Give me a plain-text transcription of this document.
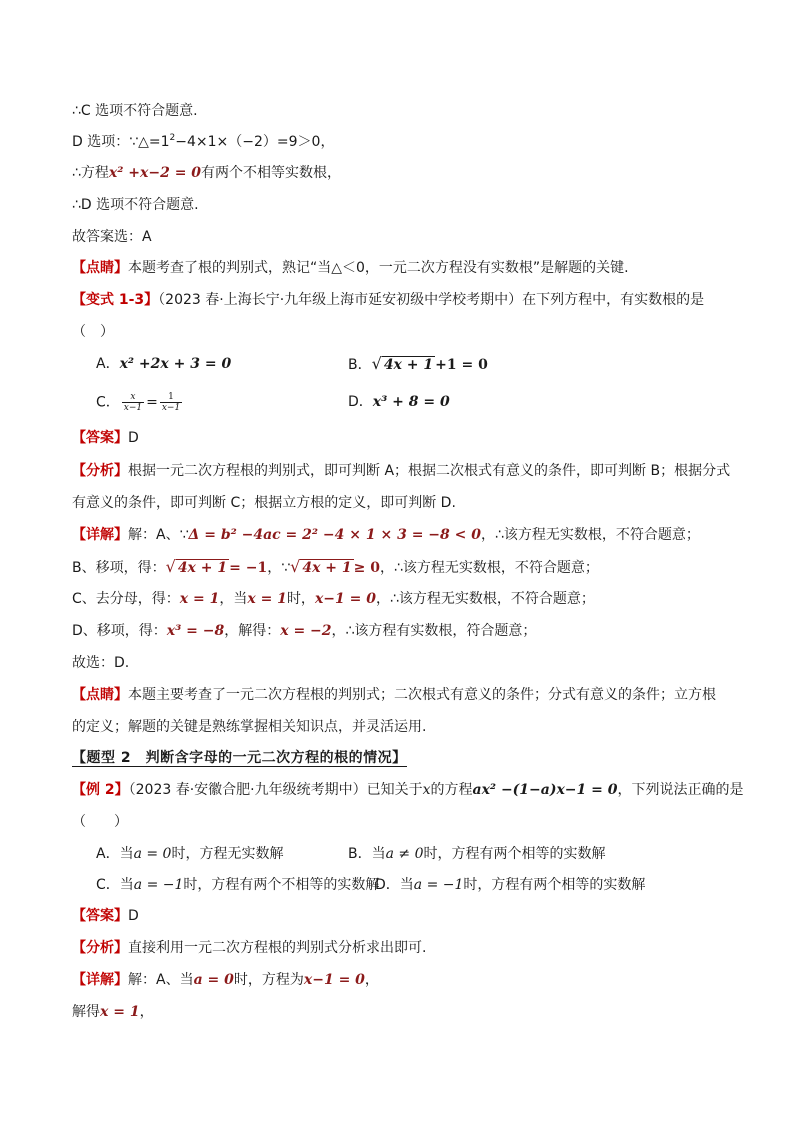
∴C 选项不符合题意.
D 选项：$\because\triangle=1^2-4\times 1\times(-2)=9>0$，
∴方程x² +x−2 = 0有两个不相等实数根，
∴D 选项不符合题意.
故答案选：A
【点睛】本题考查了根的判别式，熟记“当△＜0，一元二次方程没有实数根”是解题的关键.
【变式 1-3】（2023 春·上海长宁·九年级上海市延安初级中学校考期中）在下列方程中，有实数根的是
（　）
A．x² +2x + 3 = 0	B．√ 4x + 1 +1 = 0
C． $\frac{x}{x-1} = \frac{1}{x-1}$	D．x³ + 8 = 0
【答案】D
【分析】根据一元二次方程根的判别式，即可判断 A；根据二次根式有意义的条件，即可判断 B；根据分式
有意义的条件，即可判断 C；根据立方根的定义，即可判断 D.
【详解】解：A、∵Δ = b² −4ac = 2² −4 × 1 × 3 = −8 < 0，∴该方程无实数根，不符合题意；
B、移项，得：√ 4x + 1 = −1，∵√ 4x + 1 ≥ 0，∴该方程无实数根，不符合题意；
C、去分母，得：x = 1，当x = 1时，x−1 = 0，∴该方程无实数根，不符合题意；
D、移项，得：x³ = −8，解得：x = −2，∴该方程有实数根，符合题意；
故选：D.
【点睛】本题主要考查了一元二次方程根的判别式；二次根式有意义的条件；分式有意义的条件；立方根
的定义；解题的关键是熟练掌握相关知识点，并灵活运用.
【题型 2　判断含字母的一元二次方程的根的情况】
【例 2】（2023 春·安徽合肥·九年级统考期中）已知关于x的方程ax² −(1−a)x−1 = 0，下列说法正确的是
（　　）
A．当a = 0时，方程无实数解	B．当a ≠ 0时，方程有两个相等的实数解
C．当a = −1时，方程有两个不相等的实数解
D．当a = −1时，方程有两个相等的实数解
【答案】D
【分析】直接利用一元二次方程根的判别式分析求出即可.
【详解】解：A、当a = 0时，方程为x−1 = 0，
解得x = 1，
